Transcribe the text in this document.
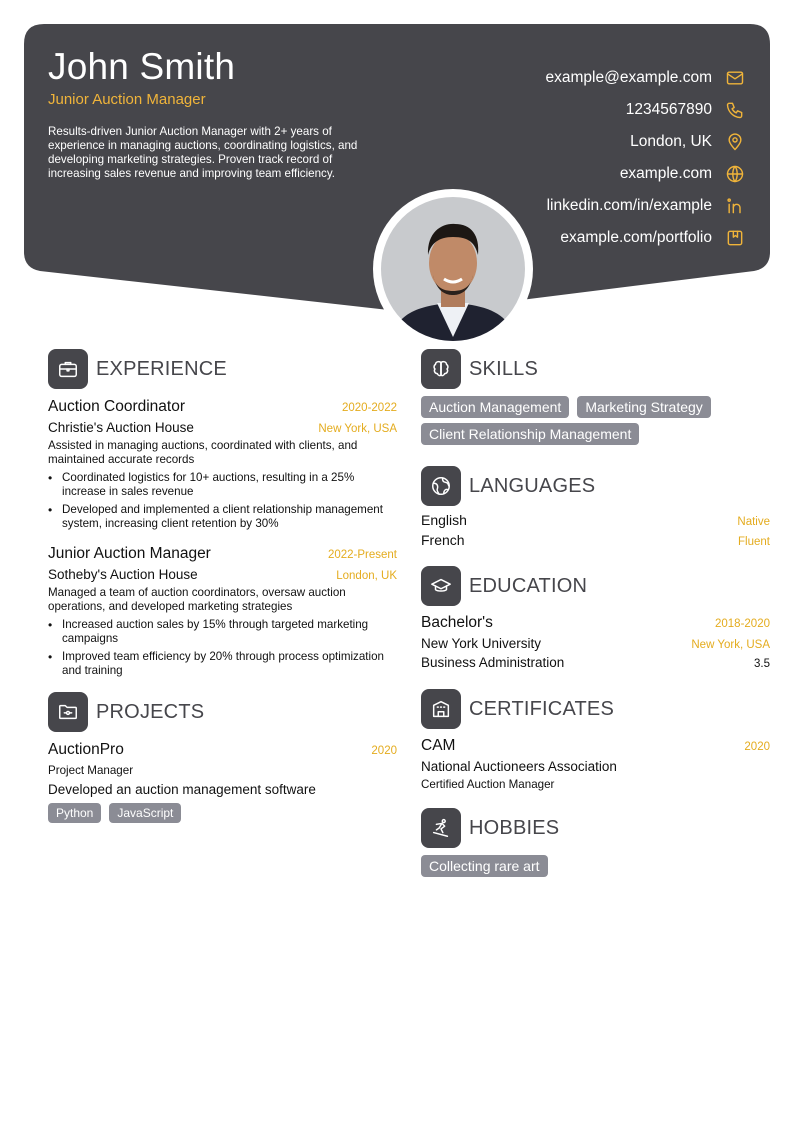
John Smith
Junior Auction Manager
Results-driven Junior Auction Manager with 2+ years of experience in managing auctions, coordinating logistics, and developing marketing strategies. Proven track record of increasing sales revenue and improving team efficiency.
example@example.com
1234567890
London, UK
example.com
linkedin.com/in/example
example.com/portfolio
EXPERIENCE
Auction Coordinator	2020-2022
Christie's Auction House	New York, USA
Assisted in managing auctions, coordinated with clients, and maintained accurate records
• Coordinated logistics for 10+ auctions, resulting in a 25% increase in sales revenue
• Developed and implemented a client relationship management system, increasing client retention by 30%
Junior Auction Manager	2022-Present
Sotheby's Auction House	London, UK
Managed a team of auction coordinators, oversaw auction operations, and developed marketing strategies
• Increased auction sales by 15% through targeted marketing campaigns
• Improved team efficiency by 20% through process optimization and training
PROJECTS
AuctionPro	2020
Project Manager
Developed an auction management software
Python	JavaScript
SKILLS
Auction Management	Marketing Strategy
Client Relationship Management
LANGUAGES
English	Native
French	Fluent
EDUCATION
Bachelor's	2018-2020
New York University	New York, USA
Business Administration	3.5
CERTIFICATES
CAM	2020
National Auctioneers Association
Certified Auction Manager
HOBBIES
Collecting rare art
